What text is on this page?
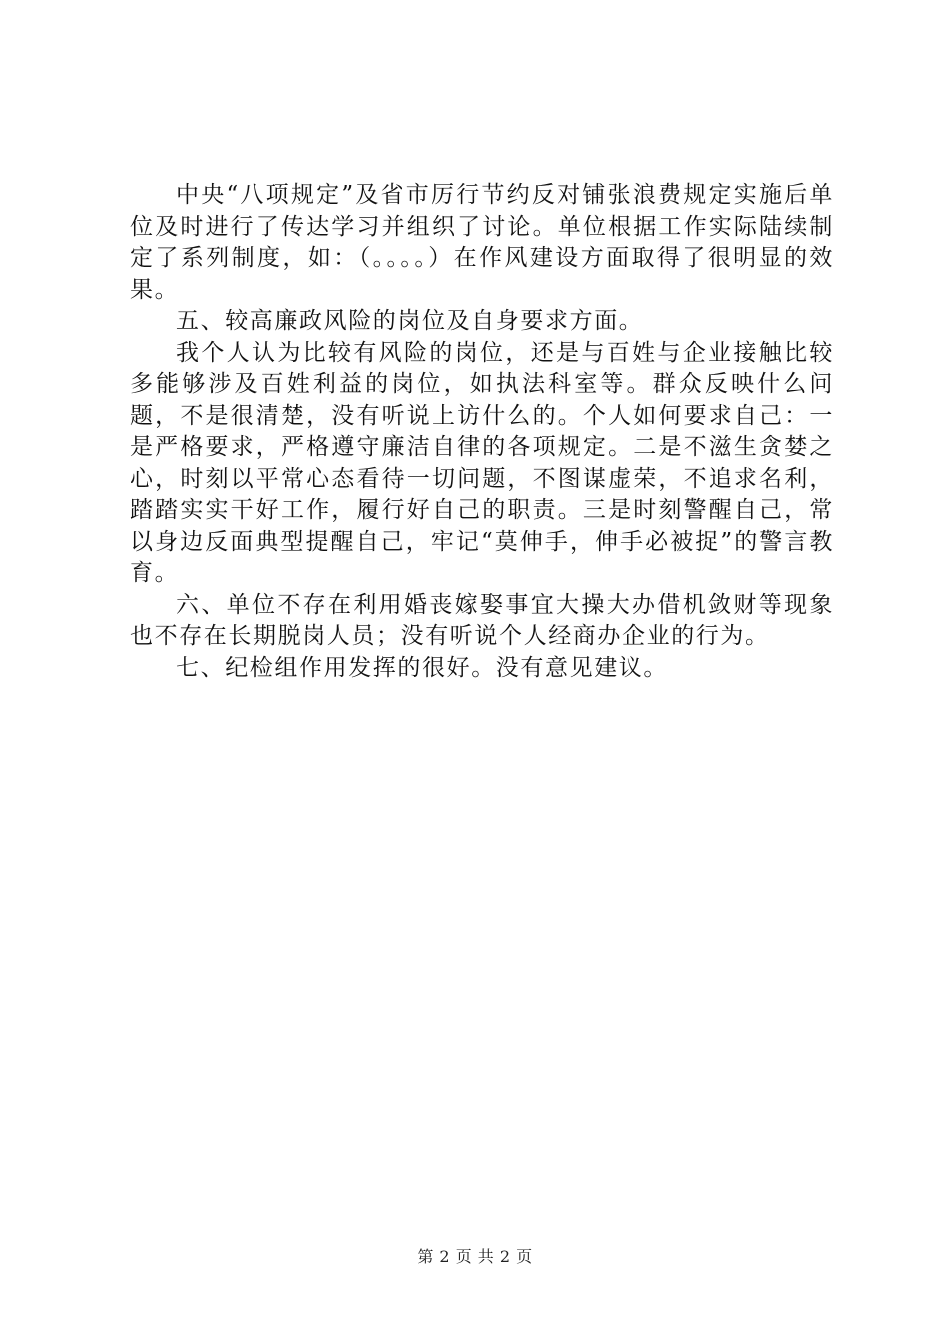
中央“八项规定”及省市厉行节约反对铺张浪费规定实施后单位及时进行了传达学习并组织了讨论。单位根据工作实际陆续制定了系列制度，如：（。。。。）在作风建设方面取得了很明显的效果。

五、较高廉政风险的岗位及自身要求方面。

我个人认为比较有风险的岗位，还是与百姓与企业接触比较多能够涉及百姓利益的岗位，如执法科室等。群众反映什么问题，不是很清楚，没有听说上访什么的。个人如何要求自己：一是严格要求，严格遵守廉洁自律的各项规定。二是不滋生贪婪之心，时刻以平常心态看待一切问题，不图谋虚荣，不追求名利，踏踏实实干好工作，履行好自己的职责。三是时刻警醒自己，常以身边反面典型提醒自己，牢记“莫伸手，伸手必被捉”的警言教育。

六、单位不存在利用婚丧嫁娶事宜大操大办借机敛财等现象也不存在长期脱岗人员；没有听说个人经商办企业的行为。

七、纪检组作用发挥的很好。没有意见建议。

第 2 页 共 2 页
